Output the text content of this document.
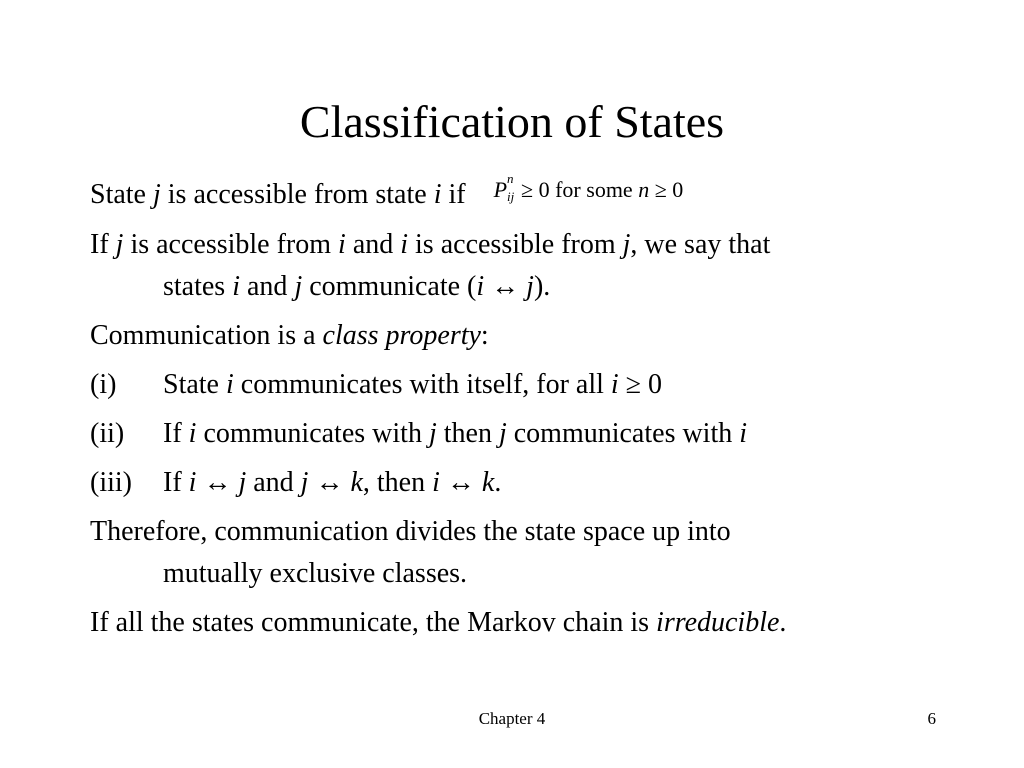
Classification of States

State j is accessible from state i if P n
ij ≥ 0 for some n ≥ 0

If j is accessible from i and i is accessible from j, we say that
states i and j communicate (i ↔ j).

Communication is a class property:

(i)	State i communicates with itself, for all i ≥ 0
(ii)	If i communicates with j then j communicates with i
(iii)	If i ↔ j and j ↔ k, then i ↔ k.

Therefore, communication divides the state space up into
mutually exclusive classes.

If all the states communicate, the Markov chain is irreducible.

Chapter 4	6
